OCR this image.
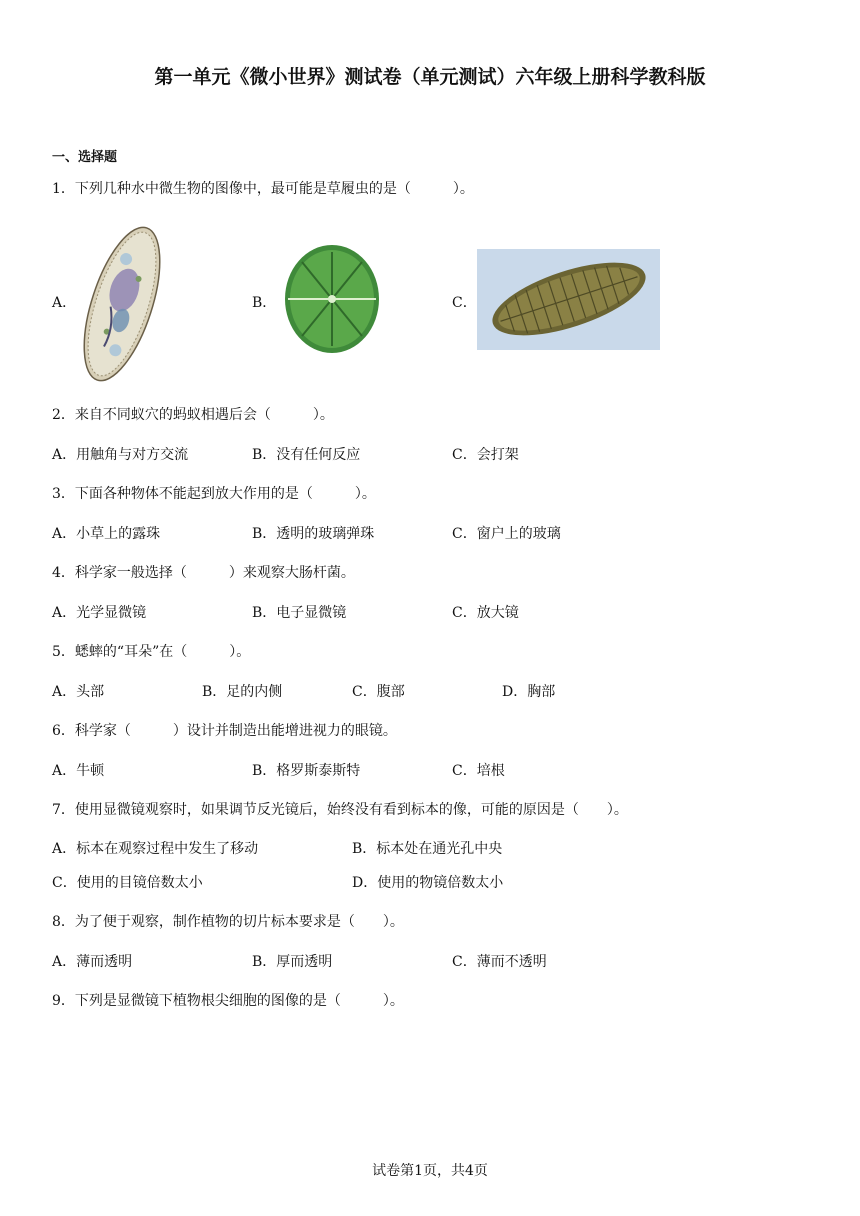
第一单元《微小世界》测试卷（单元测试）六年级上册科学教科版
一、选择题
1．下列几种水中微生物的图像中，最可能是草履虫的是（　　　）。
A．	B．	C．
2．来自不同蚁穴的蚂蚁相遇后会（　　　）。
A．用触角与对方交流	B．没有任何反应	C．会打架
3．下面各种物体不能起到放大作用的是（　　　）。
A．小草上的露珠	B．透明的玻璃弹珠	C．窗户上的玻璃
4．科学家一般选择（　　　）来观察大肠杆菌。
A．光学显微镜	B．电子显微镜	C．放大镜
5．蟋蟀的“耳朵”在（　　　）。
A．头部	B．足的内侧	C．腹部	D．胸部
6．科学家（　　　）设计并制造出能增进视力的眼镜。
A．牛顿	B．格罗斯泰斯特	C．培根
7．使用显微镜观察时，如果调节反光镜后，始终没有看到标本的像，可能的原因是（　　）。
A．标本在观察过程中发生了移动	B．标本处在通光孔中央
C．使用的目镜倍数太小	D．使用的物镜倍数太小
8．为了便于观察，制作植物的切片标本要求是（　　）。
A．薄而透明	B．厚而透明	C．薄而不透明
9．下列是显微镜下植物根尖细胞的图像的是（　　　）。
试卷第1页，共4页
